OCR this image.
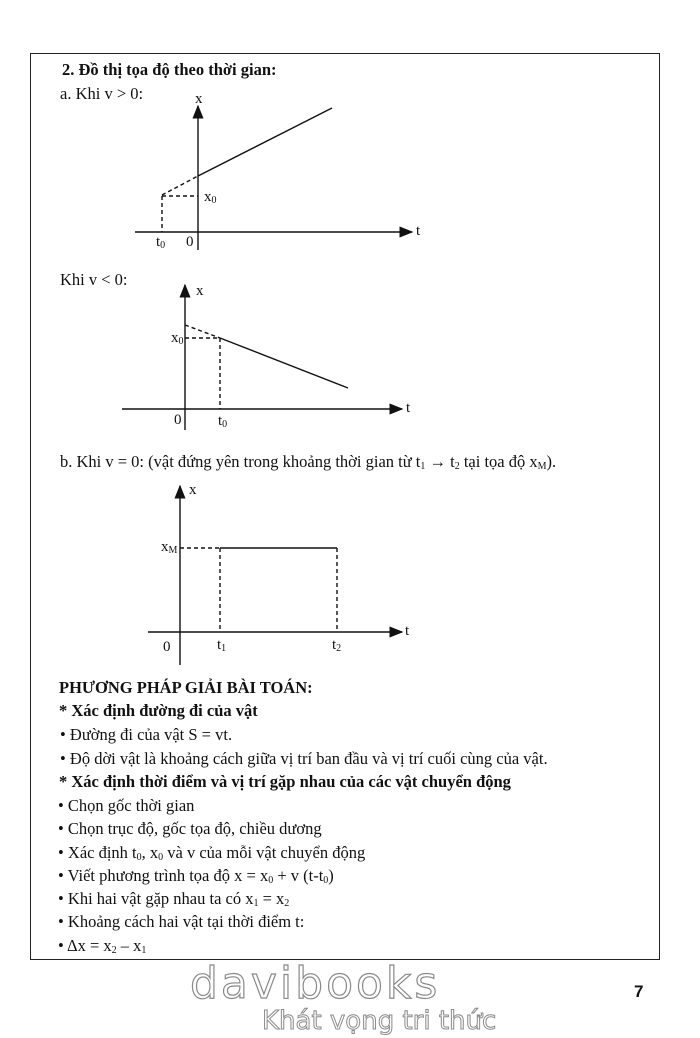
2. Đồ thị tọa độ theo thời gian:
a. Khi v > 0:	x
t
$x_0$
$t_0$ 0
Khi v < 0:
x
t
$x_0$
0 $t_0$
b. Khi v = 0: (vật đứng yên trong khoảng thời gian từ $t_1 \to t_2$ tại tọa độ $x_M$).
x
t
$x_M$
0	$t_1$	$t_2$
PHƯƠNG PHÁP GIẢI BÀI TOÁN:
* Xác định đường đi của vật
• Đường đi của vật S = vt.
• Độ dời vật là khoảng cách giữa vị trí ban đầu và vị trí cuối cùng của vật.
* Xác định thời điểm và vị trí gặp nhau của các vật chuyển động
• Chọn gốc thời gian
• Chọn trục độ, gốc tọa độ, chiều dương
• Xác định $t_0$, $x_0$ và v của mỗi vật chuyển động
• Viết phương trình tọa độ $x = x_0 + v$ $(t-t_0)$
• Khi hai vật gặp nhau ta có $x_1 = x_2$
• Khoảng cách hai vật tại thời điểm t:
• $\Delta x = x_2 - x_1$
davibooks
Khát vọng tri thức
7
